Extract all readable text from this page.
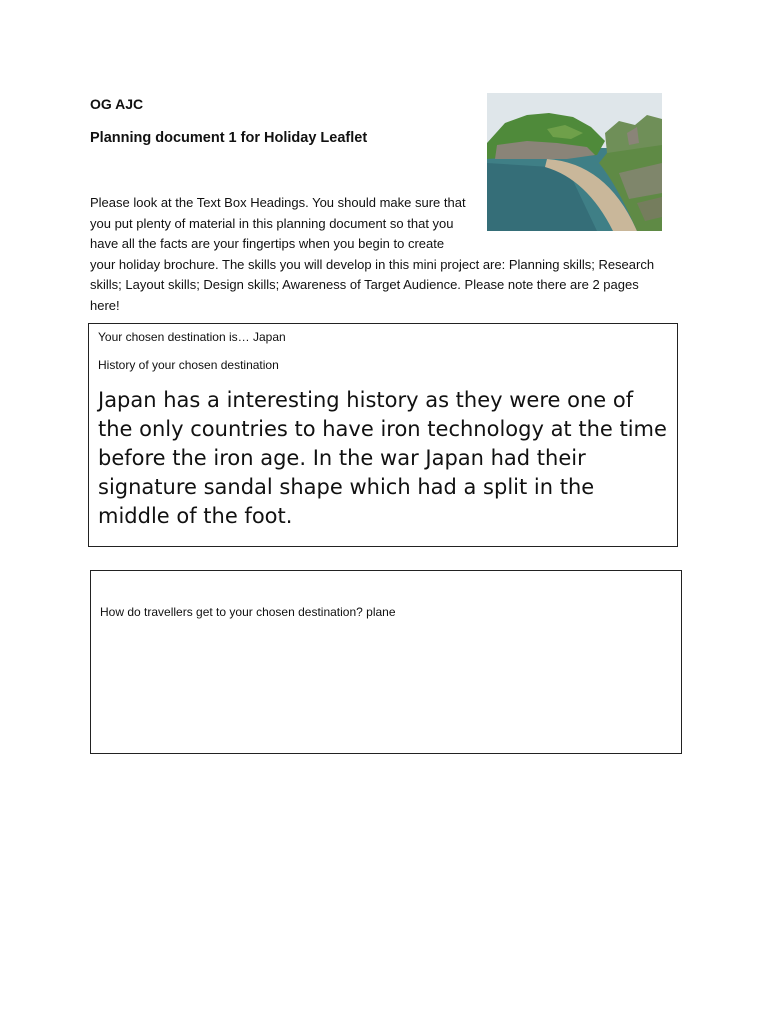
OG AJC
Planning document 1 for Holiday Leaflet
Please look at the Text Box Headings. You should make sure that you put plenty of material in this planning document so that you have all the facts are your fingertips when you begin to create your holiday brochure. The skills you will develop in this mini project are: Planning skills; Research skills; Layout skills; Design skills; Awareness of Target Audience. Please note there are 2 pages here!

Your chosen destination is… Japan

History of your chosen destination

Japan has a interesting history as they were one of the only countries to have iron technology at the time before the iron age. In the war Japan had their signature sandal shape which had a split in the middle of the foot.

How do travellers get to your chosen destination? plane
